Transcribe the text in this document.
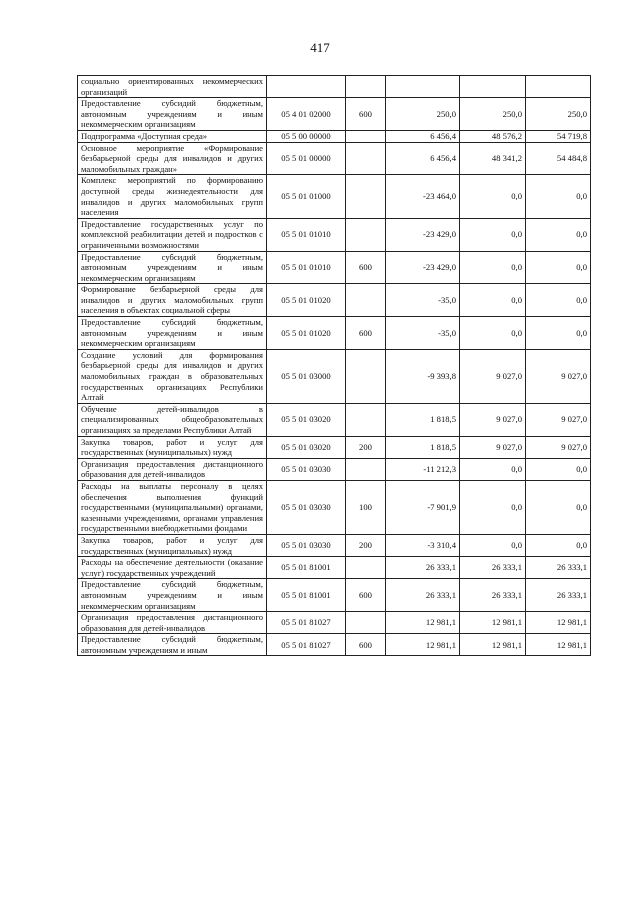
417
социально ориентированных некоммерческих организаций					
Предоставление субсидий бюджетным, автономным учреждениям и иным некоммерческим организациям	05 4 01 02000	600	250,0	250,0	250,0
Подпрограмма «Доступная среда»	05 5 00 00000		6 456,4	48 576,2	54 719,8
Основное мероприятие «Формирование безбарьерной среды для инвалидов и других маломобильных граждан»	05 5 01 00000		6 456,4	48 341,2	54 484,8
Комплекс мероприятий по формированию доступной среды жизнедеятельности для инвалидов и других маломобильных групп населения	05 5 01 01000		-23 464,0	0,0	0,0
Предоставление государственных услуг по комплексной реабилитации детей и подростков с ограниченными возможностями	05 5 01 01010		-23 429,0	0,0	0,0
Предоставление субсидий бюджетным, автономным учреждениям и иным некоммерческим организациям	05 5 01 01010	600	-23 429,0	0,0	0,0
Формирование безбарьерной среды для инвалидов и других маломобильных групп населения в объектах социальной сферы	05 5 01 01020		-35,0	0,0	0,0
Предоставление субсидий бюджетным, автономным учреждениям и иным некоммерческим организациям	05 5 01 01020	600	-35,0	0,0	0,0
Создание условий для формирования безбарьерной среды для инвалидов и других маломобильных граждан в образовательных государственных организациях Республики Алтай	05 5 01 03000		-9 393,8	9 027,0	9 027,0
Обучение детей-инвалидов в специализированных общеобразовательных организациях за пределами Республики Алтай	05 5 01 03020		1 818,5	9 027,0	9 027,0
Закупка товаров, работ и услуг для государственных (муниципальных) нужд	05 5 01 03020	200	1 818,5	9 027,0	9 027,0
Организация предоставления дистанционного образования для детей-инвалидов	05 5 01 03030		-11 212,3	0,0	0,0
Расходы на выплаты персоналу в целях обеспечения выполнения функций государственными (муниципальными) органами, казенными учреждениями, органами управления государственными внебюджетными фондами	05 5 01 03030	100	-7 901,9	0,0	0,0
Закупка товаров, работ и услуг для государственных (муниципальных) нужд	05 5 01 03030	200	-3 310,4	0,0	0,0
Расходы на обеспечение деятельности (оказание услуг) государственных учреждений	05 5 01 81001		26 333,1	26 333,1	26 333,1
Предоставление субсидий бюджетным, автономным учреждениям и иным некоммерческим организациям	05 5 01 81001	600	26 333,1	26 333,1	26 333,1
Организация предоставления дистанционного образования для детей-инвалидов	05 5 01 81027		12 981,1	12 981,1	12 981,1
Предоставление субсидий бюджетным, автономным учреждениям и иным	05 5 01 81027	600	12 981,1	12 981,1	12 981,1
